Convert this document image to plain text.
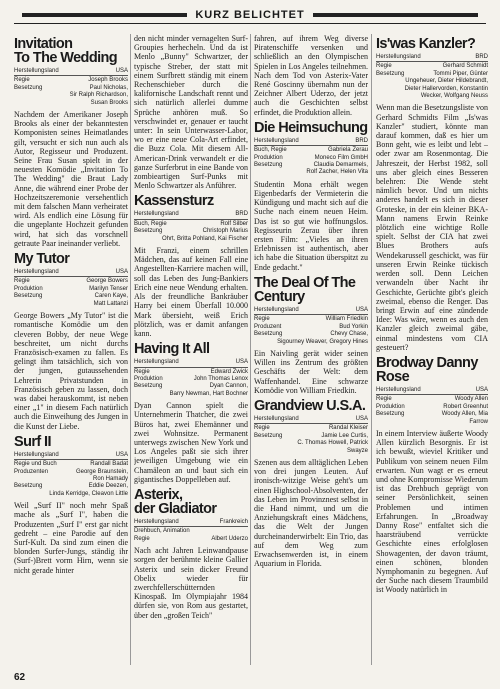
KURZ BELICHTET
Invitation
To The Wedding
Herstellungsland	USA
Regie	Joseph Brooks
Besetzung	Paul Nicholas,
Sir Ralph Richardson,
Susan Brooks
Nachdem der Amerikaner Joseph Brooks als einer der bekanntesten Komponisten seines Heimatlandes gilt, versucht er sich nun auch als Autor, Regisseur und Produzent. Seine Frau Susan spielt in der neuesten Komödie „Invitation To The Wedding" die Braut Lady Anne, die während einer Probe der Hochzeitszeremonie versehentlich mit dem falschen Mann verheiratet wird. Als endlich eine Lösung für die ungeplante Hochzeit gefunden wird, hat sich das vorschnell getraute Paar ineinander verliebt.
My Tutor
Herstellungsland	USA
Regie	George Bowers
Produktion	Marilyn Tenser
Besetzung	Caren Kaye,
Matt Lattanzi
George Bowers „My Tutor" ist die romantische Komödie um den cleveren Bobby, der neue Wege beschreitet, um nicht durchs Französisch-examen zu fallen. Es gelingt ihm tatsächlich, sich von der jungen, gutaussehenden Lehrerin Privatstunden in Französisch geben zu lassen, doch was dabei herauskommt, ist neben einer „1" in diesem Fach natürlich auch die Einweihung des Jungen in die Kunst der Liebe.
Surf II
Herstellungsland	USA
Regie und Buch	Randall Badat
Produzenten	George Braunstein,
Ron Hamady
Besetzung	Eddie Deezen,
Linda Kerridge, Cleavon Little
Weil „Surf II" noch mehr Spaß mache als „Surf I", haben die Produzenten „Surf I" erst gar nicht gedreht – eine Parodie auf den Surf-Kult. Da sind zum einen die blonden Surfer-Jungs, ständig ihr (Surf-)Brett vorm Hirn, wenn sie nicht gerade hinter
den nicht minder vernagelten Surf-Groupies herhecheln. Und da ist Menlo „Bunny" Schwartzer, der typische Streber, der statt mit einem Surfbrett ständig mit einem Rechenschieber durch die kalifornische Landschaft rennt und sich natürlich allerlei dumme Sprüche anhören muß. So verschwindet er, genauer er taucht unter: In sein Unterwasser-Labor, wo er eine neue Cola-Art erfindet, die Buzz Cola. Mit diesem All-American-Drink verwandelt er die ganze Surferbrut in eine Bande von zombieartigen Surf-Punks mit Menlo Schwartzer als Anführer.
Kassensturz
Herstellungsland	BRD
Buch, Regie	Rolf Silber
Besetzung	Christoph Marius
Ohrt, Britta Pohland, Kai Fischer
Mit Franzi, einem schrillen Mädchen, das auf keinen Fall eine Angestellten-Karriere machen will, soll das Leben des Jung-Bankiers Erich eine neue Wendung erhalten. Als der freundliche Bankräuber Harry bei einem Überfall 10.000 Mark übersieht, weiß Erich plötzlich, was er damit anfangen kann.
Having It All
Herstellungsland	USA
Regie	Edward Zwick
Produktion	John Thomas Lenox
Besetzung	Dyan Cannon,
Barry Newman, Hart Bochner
Dyan Cannon spielt die Unternehmerin Thatcher, die zwei Büros hat, zwei Ehemänner und zwei Wohnsitze. Permanent unterwegs zwischen New York und Los Angeles paßt sie sich ihrer jeweiligen Umgebung wie ein Chamäleon an und baut sich ein gigantisches Doppelleben auf.
Asterix,
der Gladiator
Herstellungsland	Frankreich
Drehbuch, Animation
Regie	Albert Uderzo
Nach acht Jahren Leinwandpause sorgen der berühmte kleine Gallier Asterix und sein dicker Freund Obelix wieder für zwerchfellerschütternden Kinospaß. Im Olympiajahr 1984 dürfen sie, von Rom aus gestartet, über den „großen Teich"
fahren, auf ihrem Weg diverse Piratenschiffe versenken und schließlich an den Olympischen Spielen in Los Angeles teilnehmen. Nach dem Tod von Asterix-Vater René Goscinny übernahm nun der Zeichner Albert Uderzo, der jetzt auch die Geschichten selbst erfindet, die Produktion allein.
Die Heimsuchung
Herstellungsland	BRD
Buch, Regie	Gabriela Zerau
Produktion	Moneco Film GmbH
Besetzung	Claudia Demarmels,
Rolf Zacher, Helen Vita
Studentin Mona erhält wegen Eigenbedarfs der Vermieterin die Kündigung und macht sich auf die Suche nach einem neuen Heim. Das ist so gut wie hoffnungslos. Regisseurin Zerau über ihren ersten Film: „Vieles an ihren Erlebnissen ist authentisch, aber ich habe die Situation überspitzt zu Ende gedacht."
The Deal Of The
Century
Herstellungsland	USA
Regie	William Friedkin
Produzent	Bud Yorkin
Besetzung	Chevy Chase,
Sigourney Weaver, Gregory Hines
Ein Naivling gerät wider seinen Willen ins Zentrum des größten Geschäfts der Welt: dem Waffenhandel. Eine schwarze Komödie von William Friedkin.
Grandview U.S.A.
Herstellungsland	USA
Regie	Randal Kleiser
Besetzung	Jamie Lee Curtis,
C. Thomas Howell, Patrick
Swayze
Szenen aus dem alltäglichen Leben von drei jungen Leuten. Auf ironisch-witzige Weise geht's um einen Highschool-Absolventen, der das Leben im Provinznest selbst in die Hand nimmt, und um die Anziehungskraft eines Mädchens, das die Welt der Jungen durcheinanderwirbelt: Ein Trio, das auf dem Weg zum Erwachsenwerden ist, in einem Aquarium in Florida.
Is'was Kanzler?
Herstellungsland	BRD
Regie	Gerhard Schmidt
Besetzung	Tommi Piper, Günter
Ungeheuer, Dieter Hildebrandt,
Dieter Hallervorden, Konstantin
Wecker, Wolfgang Neuss
Wenn man die Besetzungsliste von Gerhard Schmidts Film „Is'was Kanzler" studiert, könnte man darauf kommen, daß es hier um Bonn geht, wie es leibt und lebt – oder zwar am Rosenmontag. Die Jahreszeit, der Herbst 1982, soll uns aber gleich eines Besseren belehren: Die Wende steht nämlich bevor. Und um nichts anderes handelt es sich in dieser Groteske, in der ein kleiner BKA-Mann namens Erwin Reinke plötzlich eine wichtige Rolle spielt. Selbst der CIA hat zwei Blues Brothers aufs Wendekarussell geschickt, was für unseren Erwin Reinke tückisch werden soll. Denn Leichen verwandeln über Nacht ihr Geschichte, Gerüchte gibt's gleich zweimal, ebenso die Renger. Das bringt Erwin auf eine zündende Idee: Was wäre, wenn es auch den Kanzler gleich zweimal gäbe, einmal mindestens vom CIA gesteuert?
Brodway Danny
Rose
Herstellungsland	USA
Regie	Woody Allen
Produktion	Robert Greenhut
Besetzung	Woody Allen, Mia
Farrow
In einem Interview äußerte Woody Allen kürzlich Besorgnis. Er ist ich bewußt, wieviel Kritiker und Publikum von seinem neuen Film erwarten. Nun wagt er es erneut und ohne Kompromisse Wiederum ist das Drehbuch geprägt von seiner Persönlichkeit, seinen Problemen und intimen Erfahrungen. In „Broadway Danny Rose" entfaltet sich die haarsträubend verrückte Geschichte eines erfolglosen Showagenten, der davon träumt, einen schönen, blonden Nymphomanin zu begegnen. Auf der Suche nach diesem Traumbild ist Woody natürlich in
62
